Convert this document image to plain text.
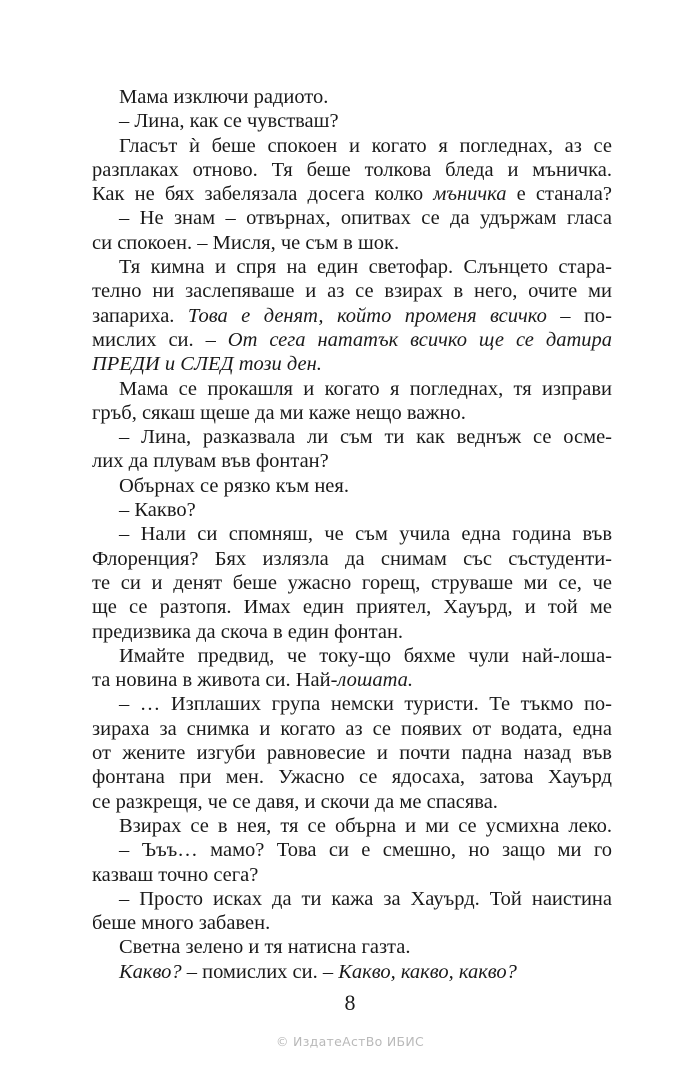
Мама изключи радиото.
– Лина, как се чувстваш?
Гласът ѝ беше спокоен и когато я погледнах, аз се
разплаках отново. Тя беше толкова бледа и мъничка.
Как не бях забелязала досега колко мъничка е станала?
– Не знам – отвърнах, опитвах се да удържам гласа
си спокоен. – Мисля, че съм в шок.
Тя кимна и спря на един светофар. Слънцето старa-
телно ни заслепяваше и аз се взирах в него, очите ми
запариха. Това е денят, който променя всичко – по-
мислих си. – От сега нататък всичко ще се датира
ПРЕДИ и СЛЕД този ден.
Мама се прокашля и когато я погледнах, тя изправи
гръб, сякаш щеше да ми каже нещо важно.
– Лина, разказвала ли съм ти как веднъж се осме-
лих да плувам във фонтан?
Обърнах се рязко към нея.
– Какво?
– Нали си спомняш, че съм учила една година във
Флоренция? Бях излязла да снимам със състуденти-
те си и денят беше ужасно горещ, струваше ми се, че
ще се разтопя. Имах един приятел, Хауърд, и той ме
предизвика да скоча в един фонтан.
Имайте предвид, че току-що бяхме чули най-лоша-
та новина в живота си. Най-лошата.
– … Изплаших група немски туристи. Те тъкмо по-
зираха за снимка и когато аз се появих от водата, една
от жените изгуби равновесие и почти падна назад във
фонтана при мен. Ужасно се ядосаха, затова Хауърд
се разкрещя, че се давя, и скочи да ме спасява.
Взирах се в нея, тя се обърна и ми се усмихна леко.
– Ъъъ… мамо? Това си е смешно, но защо ми го
казваш точно сега?
– Просто исках да ти кажа за Хауърд. Той наистина
беше много забавен.
Светна зелено и тя натисна газта.
Какво? – помислих си. – Какво, какво, какво?
8
© ИздатеАстВо ИБИС
